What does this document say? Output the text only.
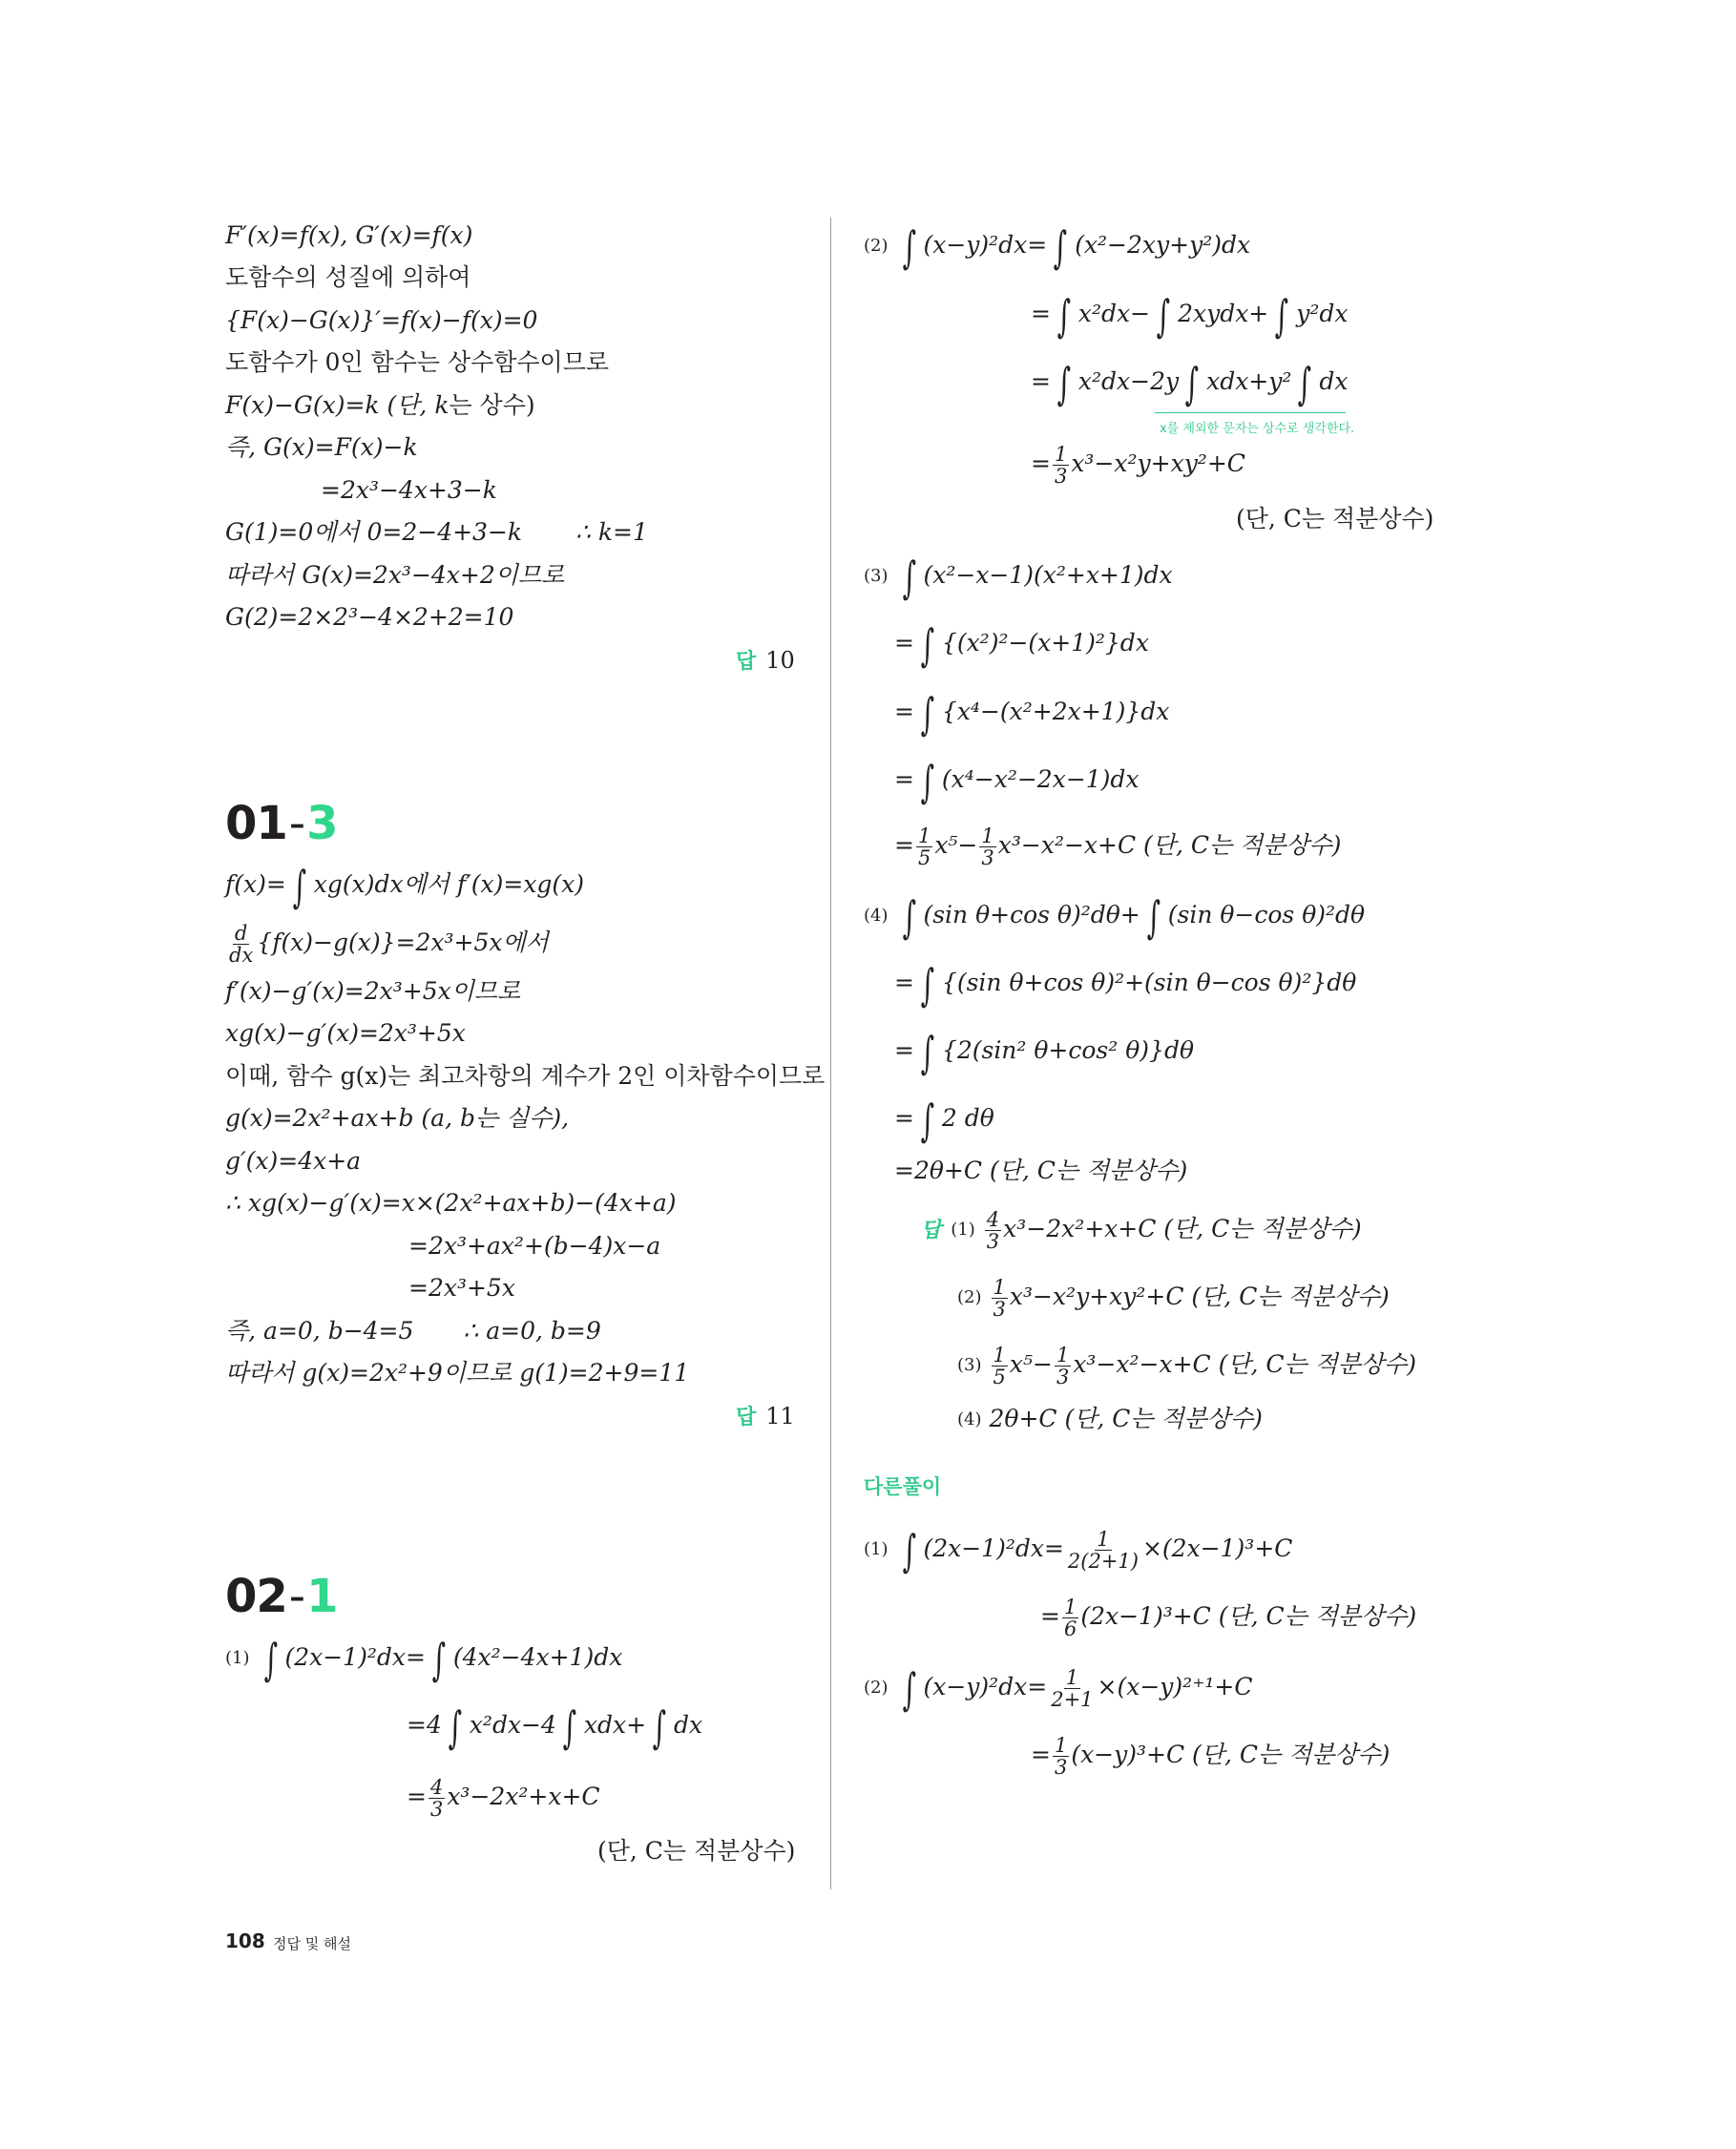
F′(x)=f(x), G′(x)=f(x)
도함수의 성질에 의하여
{F(x)−G(x)}′=f(x)−f(x)=0
도함수가 0인 함수는 상수함수이므로
F(x)−G(x)=k (단, k는 상수)
즉, G(x)=F(x)−k
=2x³−4x+3−k
G(1)=0에서 0=2−4+3−k ∴ k=1
따라서 G(x)=2x³−4x+2이므로
G(2)=2×2³−4×2+2=10
답 10
01-3
f(x)= ∫ xg(x)dx에서 f′(x)=xg(x)
$\frac{d}{dx} \{f(x)-g(x)\}=2x^3+5x$에서
f′(x)−g′(x)=2x³+5x이므로
xg(x)−g′(x)=2x³+5x
이때, 함수 g(x)는 최고차항의 계수가 2인 이차함수이므로
g(x)=2x²+ax+b (a, b는 실수),
g′(x)=4x+a
∴ xg(x)−g′(x)=x×(2x²+ax+b)−(4x+a)
=2x³+ax²+(b−4)x−a
=2x³+5x
즉, a=0, b−4=5 ∴ a=0, b=9
따라서 g(x)=2x²+9이므로 g(1)=2+9=11
답 11
02-1
(1) ∫ (2x−1)²dx= ∫ (4x²−4x+1)dx
=4 ∫ x²dx−4 ∫ xdx+ ∫ dx
= $\frac{4}{3} x^3-2x^2+x+C$
(단, C는 적분상수)
(2) ∫ (x−y)²dx= ∫ (x²−2xy+y²)dx
= ∫ x²dx− ∫ 2xydx+ ∫ y²dx
= ∫ x²dx−2y ∫ xdx+y² ∫ dx
x를 제외한 문자는 상수로 생각한다.
= $\frac{1}{3} x^3-x^2y+xy^2+C$
(단, C는 적분상수)
(3) ∫ (x²−x−1)(x²+x+1)dx
= ∫ {(x²)²−(x+1)²}dx
= ∫ {x⁴−(x²+2x+1)}dx
= ∫ (x⁴−x²−2x−1)dx
= $\frac{1}{5} x^5- \frac{1}{3} x^3-x^2-x+C$ (단, C는 적분상수)
(4) ∫ (sin θ+cos θ)²dθ+ ∫ (sin θ−cos θ)²dθ
= ∫ {(sin θ+cos θ)²+(sin θ−cos θ)²}dθ
= ∫ {2(sin² θ+cos² θ)}dθ
= ∫ 2 dθ
=2θ+C (단, C는 적분상수)
답 $(1) \frac{4}{3} x^3-2x^2+x+C$ (단, C는 적분상수)
$(2) \frac{1}{3} x^3-x^2y+xy^2+C$ (단, C는 적분상수)
$(3) \frac{1}{5} x^5- \frac{1}{3} x^3-x^2-x+C$ (단, C는 적분상수)
(4) 2θ+C (단, C는 적분상수)
다른풀이
(1) ∫ $(2x-1)^2dx= \frac{1}{2(2+1)} \times(2x-1)^3+C$
= $\frac{1}{6} (2x-1)^3+C$ (단, C는 적분상수)
(2) ∫ $(x-y)^2dx= \frac{1}{2+1} \times(x-y)^{2+1}+C$
= $\frac{1}{3} (x-y)^3+C$ (단, C는 적분상수)
108 정답 및 해설
